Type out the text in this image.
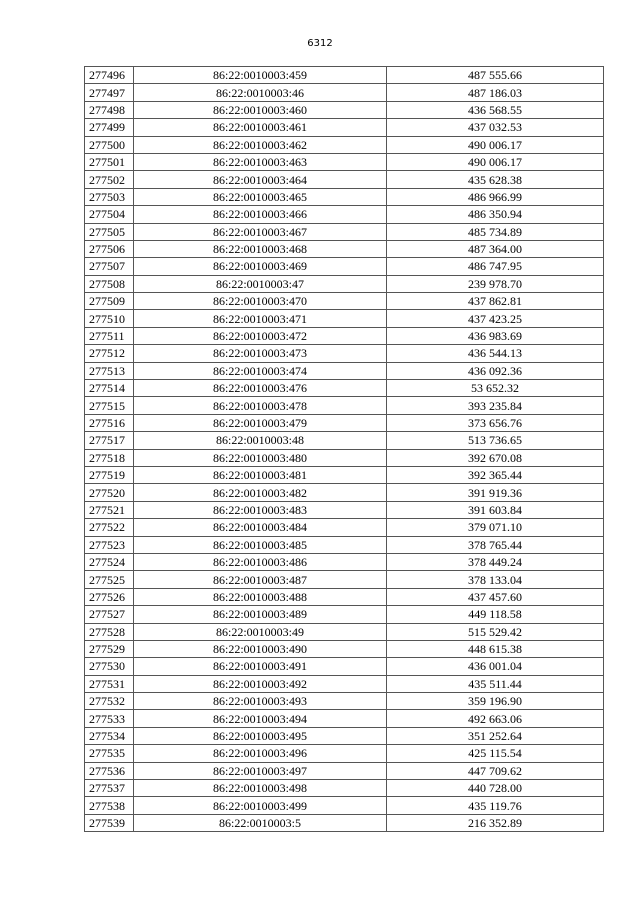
6312
277496	86:22:0010003:459	487 555.66
277497	86:22:0010003:46	487 186.03
277498	86:22:0010003:460	436 568.55
277499	86:22:0010003:461	437 032.53
277500	86:22:0010003:462	490 006.17
277501	86:22:0010003:463	490 006.17
277502	86:22:0010003:464	435 628.38
277503	86:22:0010003:465	486 966.99
277504	86:22:0010003:466	486 350.94
277505	86:22:0010003:467	485 734.89
277506	86:22:0010003:468	487 364.00
277507	86:22:0010003:469	486 747.95
277508	86:22:0010003:47	239 978.70
277509	86:22:0010003:470	437 862.81
277510	86:22:0010003:471	437 423.25
277511	86:22:0010003:472	436 983.69
277512	86:22:0010003:473	436 544.13
277513	86:22:0010003:474	436 092.36
277514	86:22:0010003:476	53 652.32
277515	86:22:0010003:478	393 235.84
277516	86:22:0010003:479	373 656.76
277517	86:22:0010003:48	513 736.65
277518	86:22:0010003:480	392 670.08
277519	86:22:0010003:481	392 365.44
277520	86:22:0010003:482	391 919.36
277521	86:22:0010003:483	391 603.84
277522	86:22:0010003:484	379 071.10
277523	86:22:0010003:485	378 765.44
277524	86:22:0010003:486	378 449.24
277525	86:22:0010003:487	378 133.04
277526	86:22:0010003:488	437 457.60
277527	86:22:0010003:489	449 118.58
277528	86:22:0010003:49	515 529.42
277529	86:22:0010003:490	448 615.38
277530	86:22:0010003:491	436 001.04
277531	86:22:0010003:492	435 511.44
277532	86:22:0010003:493	359 196.90
277533	86:22:0010003:494	492 663.06
277534	86:22:0010003:495	351 252.64
277535	86:22:0010003:496	425 115.54
277536	86:22:0010003:497	447 709.62
277537	86:22:0010003:498	440 728.00
277538	86:22:0010003:499	435 119.76
277539	86:22:0010003:5	216 352.89
